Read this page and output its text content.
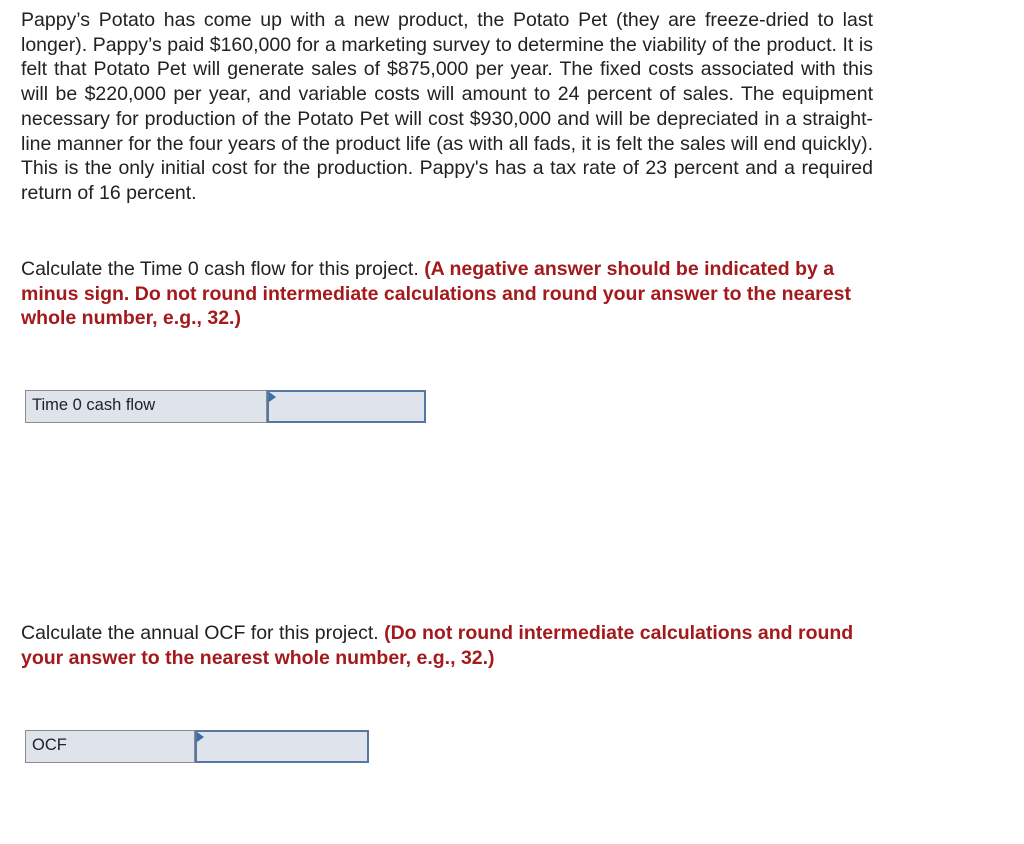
Pappy’s Potato has come up with a new product, the Potato Pet (they are freeze-dried to last longer). Pappy’s paid $160,000 for a marketing survey to determine the viability of the product. It is felt that Potato Pet will generate sales of $875,000 per year. The fixed costs associated with this will be $220,000 per year, and variable costs will amount to 24 percent of sales. The equipment necessary for production of the Potato Pet will cost $930,000 and will be depreciated in a straight-line manner for the four years of the product life (as with all fads, it is felt the sales will end quickly). This is the only initial cost for the production. Pappy's has a tax rate of 23 percent and a required return of 16 percent.

Calculate the Time 0 cash flow for this project. (A negative answer should be indicated by a minus sign. Do not round intermediate calculations and round your answer to the nearest whole number, e.g., 32.)

Time 0 cash flow

Calculate the annual OCF for this project. (Do not round intermediate calculations and round your answer to the nearest whole number, e.g., 32.)

OCF
